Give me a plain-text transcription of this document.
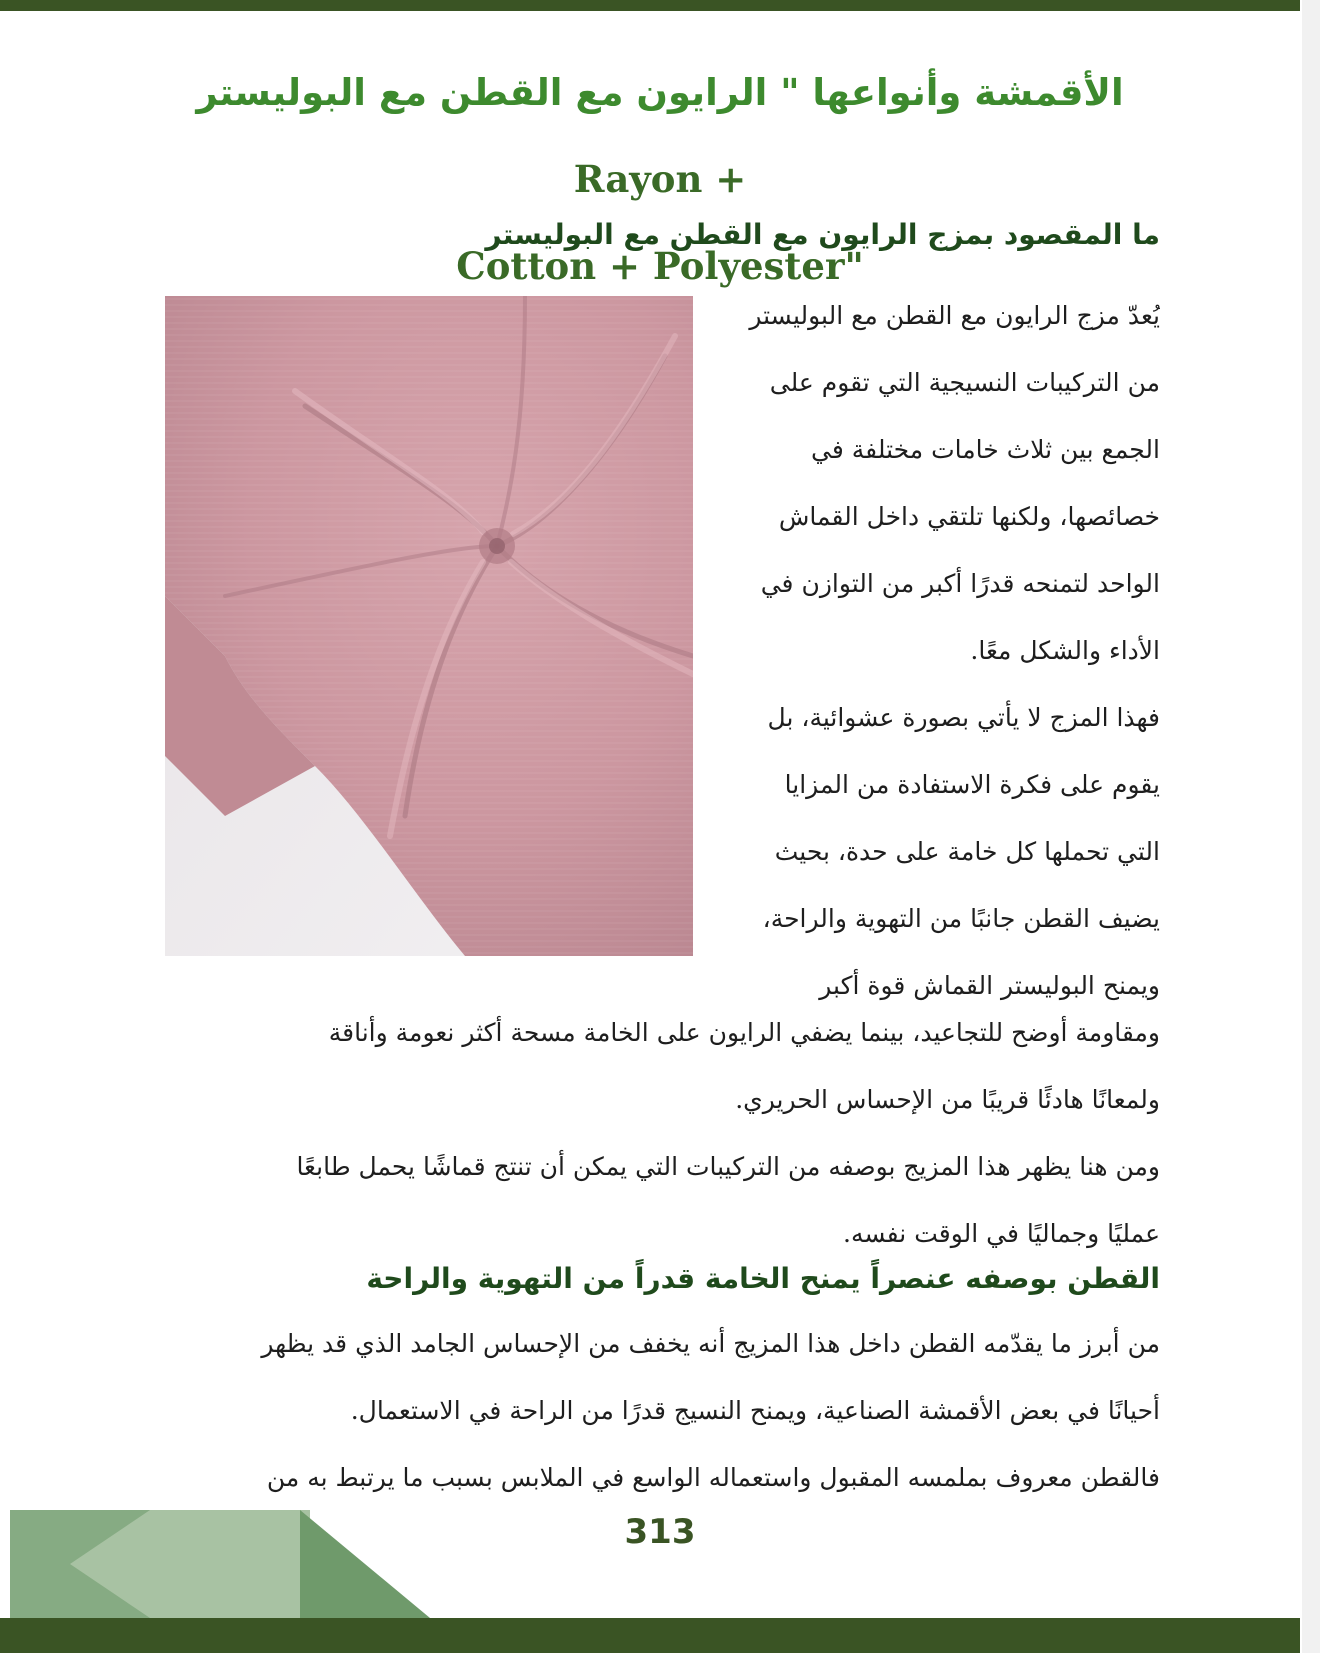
الأقمشة وأنواعها " الرايون مع القطن مع البوليستر Rayon +
Cotton + Polyester"
ما المقصود بمزج الرايون مع القطن مع البوليستر
يُعدّ مزج الرايون مع القطن مع البوليستر
من التركيبات النسيجية التي تقوم على
الجمع بين ثلاث خامات مختلفة في
خصائصها، ولكنها تلتقي داخل القماش
الواحد لتمنحه قدرًا أكبر من التوازن في
الأداء والشكل معًا.
فهذا المزج لا يأتي بصورة عشوائية، بل
يقوم على فكرة الاستفادة من المزايا
التي تحملها كل خامة على حدة، بحيث
يضيف القطن جانبًا من التهوية والراحة،
ويمنح البوليستر القماش قوة أكبر
ومقاومة أوضح للتجاعيد، بينما يضفي الرايون على الخامة مسحة أكثر نعومة وأناقة
ولمعانًا هادئًا قريبًا من الإحساس الحريري.
ومن هنا يظهر هذا المزيج بوصفه من التركيبات التي يمكن أن تنتج قماشًا يحمل طابعًا
عمليًا وجماليًا في الوقت نفسه.
القطن بوصفه عنصراً يمنح الخامة قدراً من التهوية والراحة
من أبرز ما يقدّمه القطن داخل هذا المزيج أنه يخفف من الإحساس الجامد الذي قد يظهر
أحيانًا في بعض الأقمشة الصناعية، ويمنح النسيج قدرًا من الراحة في الاستعمال.
فالقطن معروف بملمسه المقبول واستعماله الواسع في الملابس بسبب ما يرتبط به من
313
